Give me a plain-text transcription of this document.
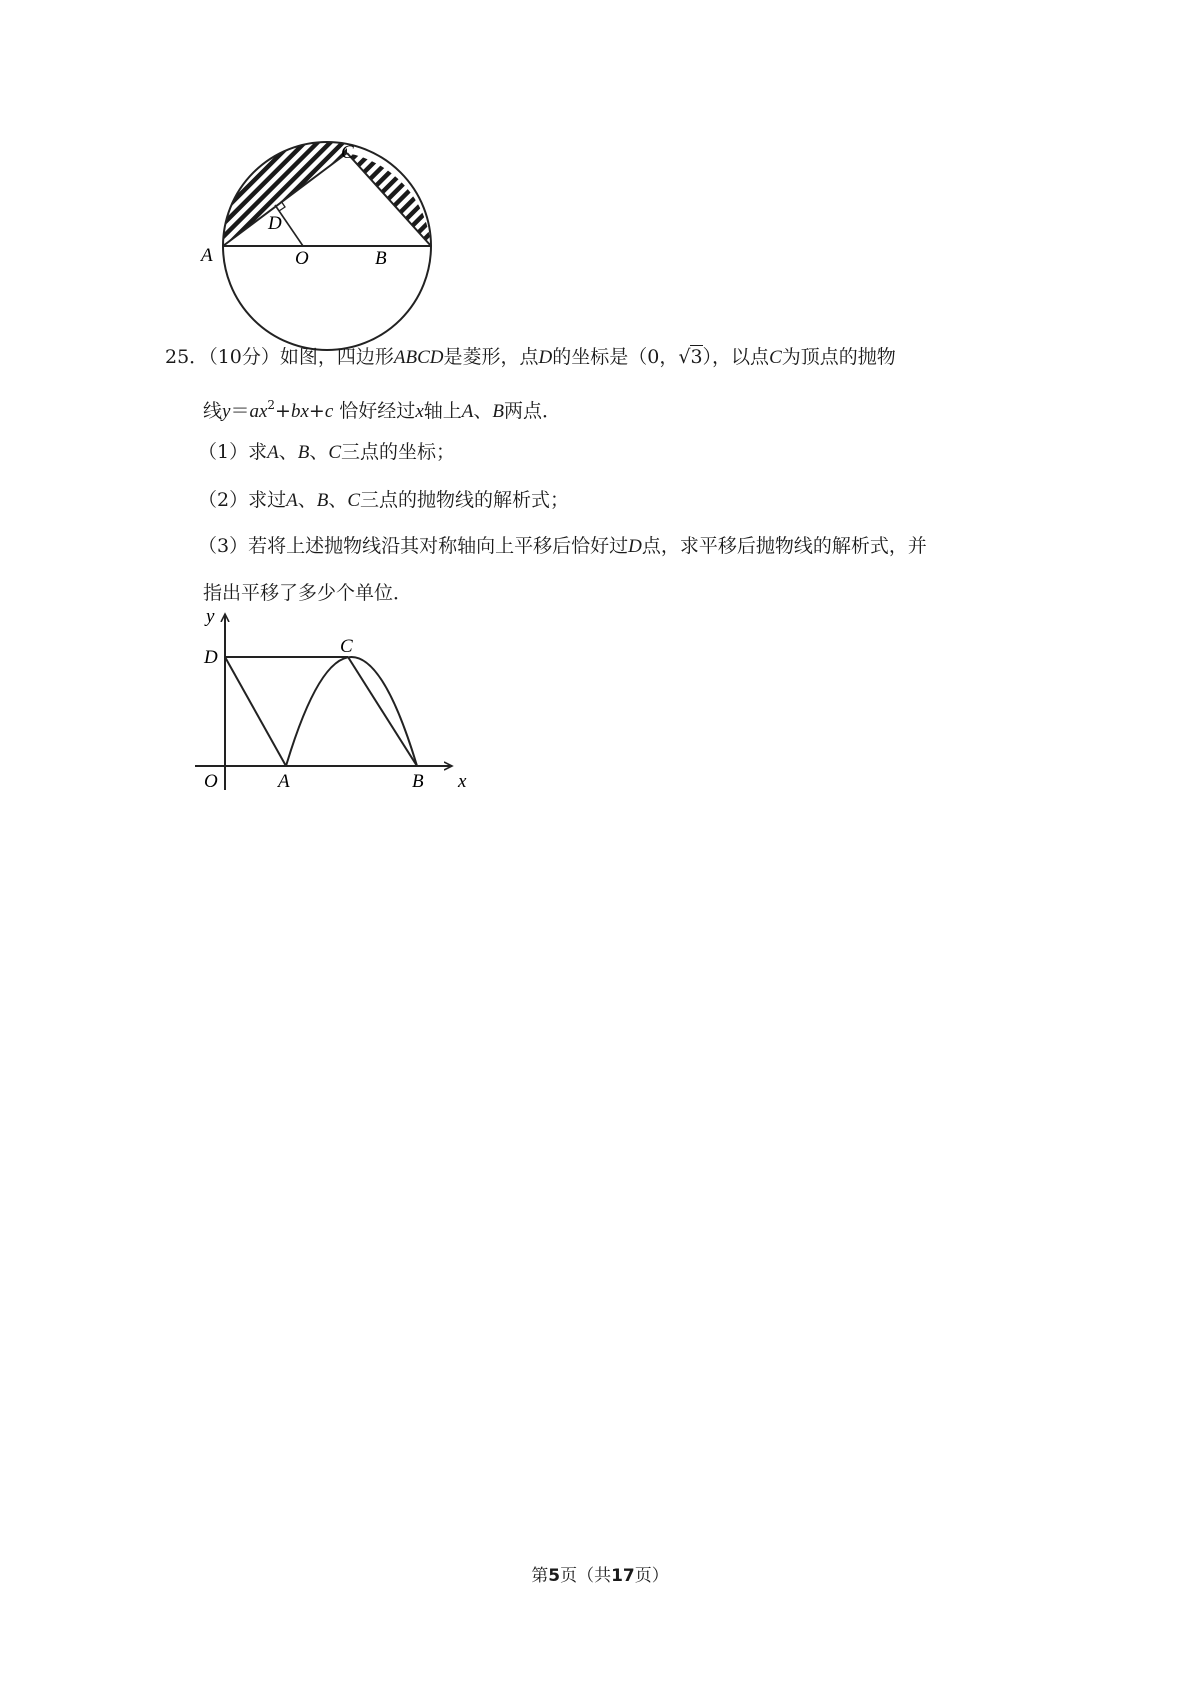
A	O	B
C
D
25．（10分）如图，四边形ABCD是菱形，点D的坐标是（0，√3），以点C为顶点的抛物
线$y=ax^2+bx+c$ 恰好经过x轴上A、B两点．
（1）求A、B、C三点的坐标；
（2）求过A、B、C三点的抛物线的解析式；
（3）若将上述抛物线沿其对称轴向上平移后恰好过D点，求平移后抛物线的解析式，并
指出平移了多少个单位．
y
D
C
O	A	B x
第5页（共17页）
